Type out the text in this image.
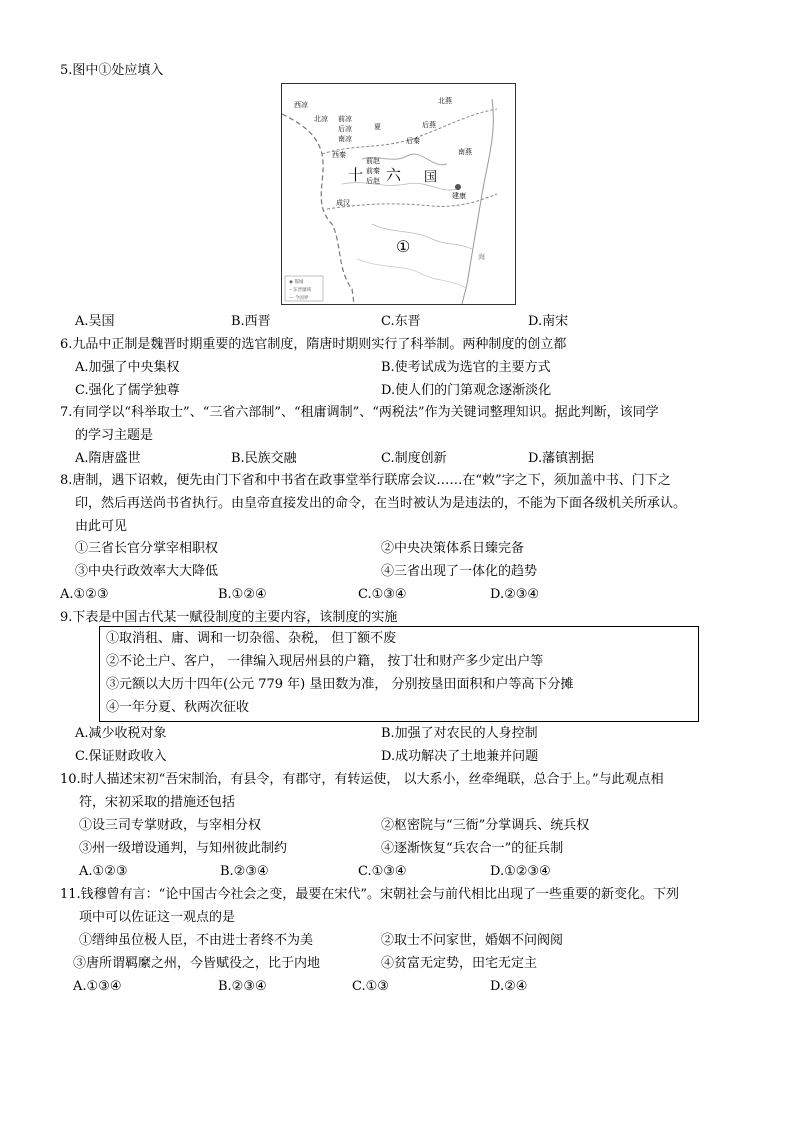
5.图中①处应填入
◉ 都城
┄ 东晋疆域
— 今国界
西凉
北凉 前凉
后凉
南凉
西秦
夏	后燕
北燕
南燕
后秦
前赵
前秦
后赵
成汉
十 六 国
建康
①
海
A.吴国	B.西晋	C.东晋	D.南宋
6.九品中正制是魏晋时期重要的选官制度，隋唐时期则实行了科举制。两种制度的创立都
A.加强了中央集权	B.使考试成为选官的主要方式
C.强化了儒学独尊	D.使人们的门第观念逐渐淡化
7.有同学以“科举取士”、“三省六部制”、“租庸调制”、“两税法”作为关键词整理知识。据此判断，该同学
的学习主题是
A.隋唐盛世	B.民族交融	C.制度创新	D.藩镇割据
8.唐制，遇下诏敕，便先由门下省和中书省在政事堂举行联席会议……在“敕”字之下，须加盖中书、门下之
印，然后再送尚书省执行。由皇帝直接发出的命令，在当时被认为是违法的，不能为下面各级机关所承认。
由此可见
①三省长官分掌宰相职权	②中央决策体系日臻完备
③中央行政效率大大降低	④三省出现了一体化的趋势
A.①②③	B.①②④	C.①③④	D.②③④
9.下表是中国古代某一赋役制度的主要内容，该制度的实施
①取消租、庸、调和一切杂徭、杂税， 但丁额不废
②不论土户、客户， 一律编入现居州县的户籍， 按丁壮和财产多少定出户等
③元额以大历十四年(公元 779 年) 垦田数为准， 分别按垦田面积和户等高下分摊
④一年分夏、秋两次征收
A.减少收税对象	B.加强了对农民的人身控制
C.保证财政收入	D.成功解决了土地兼并问题
10.时人描述宋初“吾宋制治，有县令，有郡守，有转运使， 以大系小，丝牵绳联，总合于上。”与此观点相
符，宋初采取的措施还包括
①设三司专掌财政，与宰相分权	②枢密院与“三衙”分掌调兵、统兵权
③州一级增设通判，与知州彼此制约	④逐渐恢复“兵农合一”的征兵制
A.①②③	B.②③④	C.①③④	D.①②③④
11.钱穆曾有言：“论中国古今社会之变，最要在宋代”。宋朝社会与前代相比出现了一些重要的新变化。下列
项中可以佐证这一观点的是
①缙绅虽位极人臣，不由进士者终不为美	②取士不问家世，婚姻不问阀阅
③唐所谓羁縻之州，今皆赋役之，比于内地	④贫富无定势，田宅无定主
A.①③④	B.②③④	C.①③	D.②④
